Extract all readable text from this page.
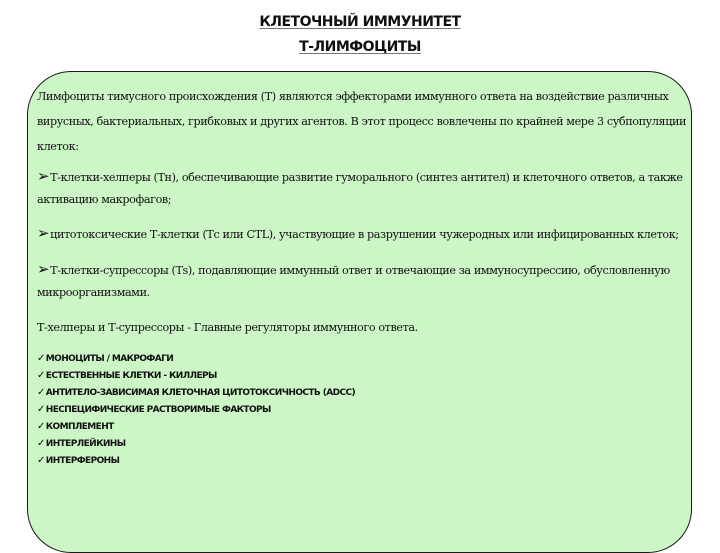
КЛЕТОЧНЫЙ ИММУНИТЕТ
Т-ЛИМФОЦИТЫ

Лимфоциты тимусного происхождения (Т) являются эффекторами иммунного ответа на воздействие различных вирусных, бактериальных, грибковых и других агентов. В этот процесс вовлечены по крайней мере 3 субпопуляции клеток:

➢Т-клетки-хелперы (Тн), обеспечивающие развитие гуморального (синтез антител) и клеточного ответов, а также активацию макрофагов;

➢цитотоксические Т-клетки (Тс или CTL), участвующие в разрушении чужеродных или инфицированных клеток;

➢Т-клетки-супрессоры (Тs), подавляющие иммунный ответ и отвечающие за иммуносупрессию, обусловленную микроорганизмами.

Т-хелперы и Т-супрессоры - Главные регуляторы иммунного ответа.

✓МОНОЦИТЫ / МАКРОФАГИ
✓ЕСТЕСТВЕННЫЕ КЛЕТКИ - КИЛЛЕРЫ
✓АНТИТЕЛО-ЗАВИСИМАЯ КЛЕТОЧНАЯ ЦИТОТОКСИЧНОСТЬ (ADCC)
✓НЕСПЕЦИФИЧЕСКИЕ РАСТВОРИМЫЕ ФАКТОРЫ
✓КОМПЛЕМЕНТ
✓ИНТЕРЛЕЙКИНЫ
✓ИНТЕРФЕРОНЫ
